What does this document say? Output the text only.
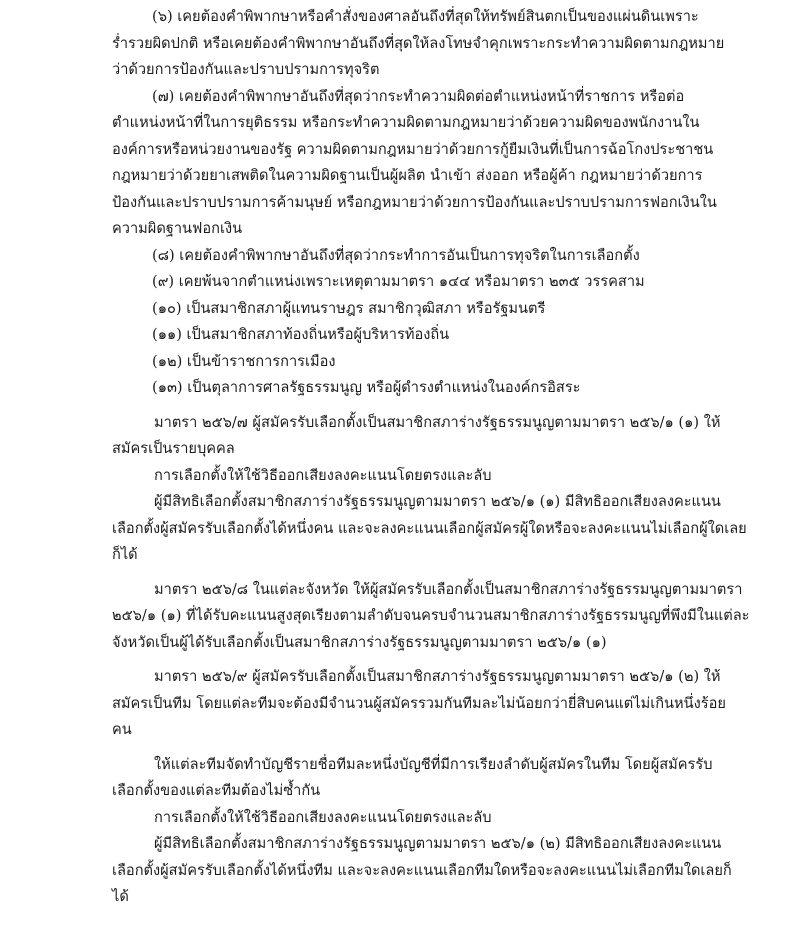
(๖) เคยต้องคำพิพากษาหรือคำสั่งของศาลอันถึงที่สุดให้ทรัพย์สินตกเป็นของแผ่นดินเพราะ

ร่ำรวยผิดปกติ หรือเคยต้องคำพิพากษาอันถึงที่สุดให้ลงโทษจำคุกเพราะกระทำความผิดตามกฎหมาย

ว่าด้วยการป้องกันและปราบปรามการทุจริต

(๗) เคยต้องคำพิพากษาอันถึงที่สุดว่ากระทำความผิดต่อตำแหน่งหน้าที่ราชการ หรือต่อ

ตำแหน่งหน้าที่ในการยุติธรรม หรือกระทำความผิดตามกฎหมายว่าด้วยความผิดของพนักงานใน

องค์การหรือหน่วยงานของรัฐ ความผิดตามกฎหมายว่าด้วยการกู้ยืมเงินที่เป็นการฉ้อโกงประชาชน

กฎหมายว่าด้วยยาเสพติดในความผิดฐานเป็นผู้ผลิต นำเข้า ส่งออก หรือผู้ค้า กฎหมายว่าด้วยการ

ป้องกันและปราบปรามการค้ามนุษย์ หรือกฎหมายว่าด้วยการป้องกันและปราบปรามการฟอกเงินใน

ความผิดฐานฟอกเงิน

(๘) เคยต้องคำพิพากษาอันถึงที่สุดว่ากระทำการอันเป็นการทุจริตในการเลือกตั้ง

(๙) เคยพ้นจากตำแหน่งเพราะเหตุตามมาตรา ๑๔๔ หรือมาตรา ๒๓๕ วรรคสาม

(๑๐) เป็นสมาชิกสภาผู้แทนราษฎร สมาชิกวุฒิสภา หรือรัฐมนตรี

(๑๑) เป็นสมาชิกสภาท้องถิ่นหรือผู้บริหารท้องถิ่น

(๑๒) เป็นข้าราชการการเมือง

(๑๓) เป็นตุลาการศาลรัฐธรรมนูญ หรือผู้ดำรงตำแหน่งในองค์กรอิสระ

มาตรา ๒๕๖/๗ ผู้สมัครรับเลือกตั้งเป็นสมาชิกสภาร่างรัฐธรรมนูญตามมาตรา ๒๕๖/๑ (๑) ให้

สมัครเป็นรายบุคคล

การเลือกตั้งให้ใช้วิธีออกเสียงลงคะแนนโดยตรงและลับ

ผู้มีสิทธิเลือกตั้งสมาชิกสภาร่างรัฐธรรมนูญตามมาตรา ๒๕๖/๑ (๑) มีสิทธิออกเสียงลงคะแนน

เลือกตั้งผู้สมัครรับเลือกตั้งได้หนึ่งคน และจะลงคะแนนเลือกผู้สมัครผู้ใดหรือจะลงคะแนนไม่เลือกผู้ใดเลย

ก็ได้

มาตรา ๒๕๖/๘ ในแต่ละจังหวัด ให้ผู้สมัครรับเลือกตั้งเป็นสมาชิกสภาร่างรัฐธรรมนูญตามมาตรา

๒๕๖/๑ (๑) ที่ได้รับคะแนนสูงสุดเรียงตามลำดับจนครบจำนวนสมาชิกสภาร่างรัฐธรรมนูญที่พึงมีในแต่ละ

จังหวัดเป็นผู้ได้รับเลือกตั้งเป็นสมาชิกสภาร่างรัฐธรรมนูญตามมาตรา ๒๕๖/๑ (๑)

มาตรา ๒๕๖/๙ ผู้สมัครรับเลือกตั้งเป็นสมาชิกสภาร่างรัฐธรรมนูญตามมาตรา ๒๕๖/๑ (๒) ให้

สมัครเป็นทีม โดยแต่ละทีมจะต้องมีจำนวนผู้สมัครรวมกันทีมละไม่น้อยกว่ายี่สิบคนแต่ไม่เกินหนึ่งร้อย

คน

ให้แต่ละทีมจัดทำบัญชีรายชื่อทีมละหนึ่งบัญชีที่มีการเรียงลำดับผู้สมัครในทีม โดยผู้สมัครรับ

เลือกตั้งของแต่ละทีมต้องไม่ซ้ำกัน

การเลือกตั้งให้ใช้วิธีออกเสียงลงคะแนนโดยตรงและลับ

ผู้มีสิทธิเลือกตั้งสมาชิกสภาร่างรัฐธรรมนูญตามมาตรา ๒๕๖/๑ (๒) มีสิทธิออกเสียงลงคะแนน

เลือกตั้งผู้สมัครรับเลือกตั้งได้หนึ่งทีม และจะลงคะแนนเลือกทีมใดหรือจะลงคะแนนไม่เลือกทีมใดเลยก็

ได้
